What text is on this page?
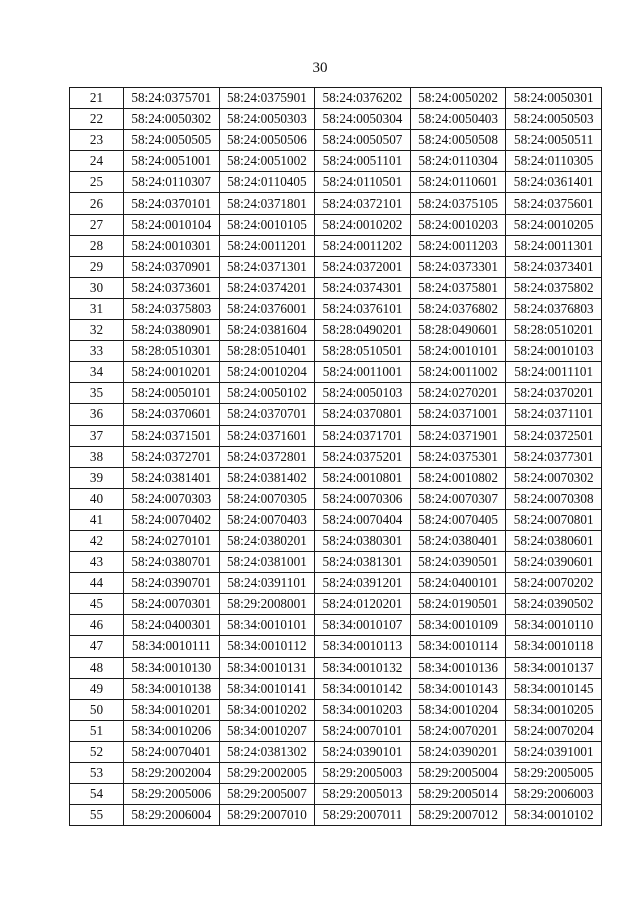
30
21	58:24:0375701	58:24:0375901	58:24:0376202	58:24:0050202	58:24:0050301
22	58:24:0050302	58:24:0050303	58:24:0050304	58:24:0050403	58:24:0050503
23	58:24:0050505	58:24:0050506	58:24:0050507	58:24:0050508	58:24:0050511
24	58:24:0051001	58:24:0051002	58:24:0051101	58:24:0110304	58:24:0110305
25	58:24:0110307	58:24:0110405	58:24:0110501	58:24:0110601	58:24:0361401
26	58:24:0370101	58:24:0371801	58:24:0372101	58:24:0375105	58:24:0375601
27	58:24:0010104	58:24:0010105	58:24:0010202	58:24:0010203	58:24:0010205
28	58:24:0010301	58:24:0011201	58:24:0011202	58:24:0011203	58:24:0011301
29	58:24:0370901	58:24:0371301	58:24:0372001	58:24:0373301	58:24:0373401
30	58:24:0373601	58:24:0374201	58:24:0374301	58:24:0375801	58:24:0375802
31	58:24:0375803	58:24:0376001	58:24:0376101	58:24:0376802	58:24:0376803
32	58:24:0380901	58:24:0381604	58:28:0490201	58:28:0490601	58:28:0510201
33	58:28:0510301	58:28:0510401	58:28:0510501	58:24:0010101	58:24:0010103
34	58:24:0010201	58:24:0010204	58:24:0011001	58:24:0011002	58:24:0011101
35	58:24:0050101	58:24:0050102	58:24:0050103	58:24:0270201	58:24:0370201
36	58:24:0370601	58:24:0370701	58:24:0370801	58:24:0371001	58:24:0371101
37	58:24:0371501	58:24:0371601	58:24:0371701	58:24:0371901	58:24:0372501
38	58:24:0372701	58:24:0372801	58:24:0375201	58:24:0375301	58:24:0377301
39	58:24:0381401	58:24:0381402	58:24:0010801	58:24:0010802	58:24:0070302
40	58:24:0070303	58:24:0070305	58:24:0070306	58:24:0070307	58:24:0070308
41	58:24:0070402	58:24:0070403	58:24:0070404	58:24:0070405	58:24:0070801
42	58:24:0270101	58:24:0380201	58:24:0380301	58:24:0380401	58:24:0380601
43	58:24:0380701	58:24:0381001	58:24:0381301	58:24:0390501	58:24:0390601
44	58:24:0390701	58:24:0391101	58:24:0391201	58:24:0400101	58:24:0070202
45	58:24:0070301	58:29:2008001	58:24:0120201	58:24:0190501	58:24:0390502
46	58:24:0400301	58:34:0010101	58:34:0010107	58:34:0010109	58:34:0010110
47	58:34:0010111	58:34:0010112	58:34:0010113	58:34:0010114	58:34:0010118
48	58:34:0010130	58:34:0010131	58:34:0010132	58:34:0010136	58:34:0010137
49	58:34:0010138	58:34:0010141	58:34:0010142	58:34:0010143	58:34:0010145
50	58:34:0010201	58:34:0010202	58:34:0010203	58:34:0010204	58:34:0010205
51	58:34:0010206	58:34:0010207	58:24:0070101	58:24:0070201	58:24:0070204
52	58:24:0070401	58:24:0381302	58:24:0390101	58:24:0390201	58:24:0391001
53	58:29:2002004	58:29:2002005	58:29:2005003	58:29:2005004	58:29:2005005
54	58:29:2005006	58:29:2005007	58:29:2005013	58:29:2005014	58:29:2006003
55	58:29:2006004	58:29:2007010	58:29:2007011	58:29:2007012	58:34:0010102
